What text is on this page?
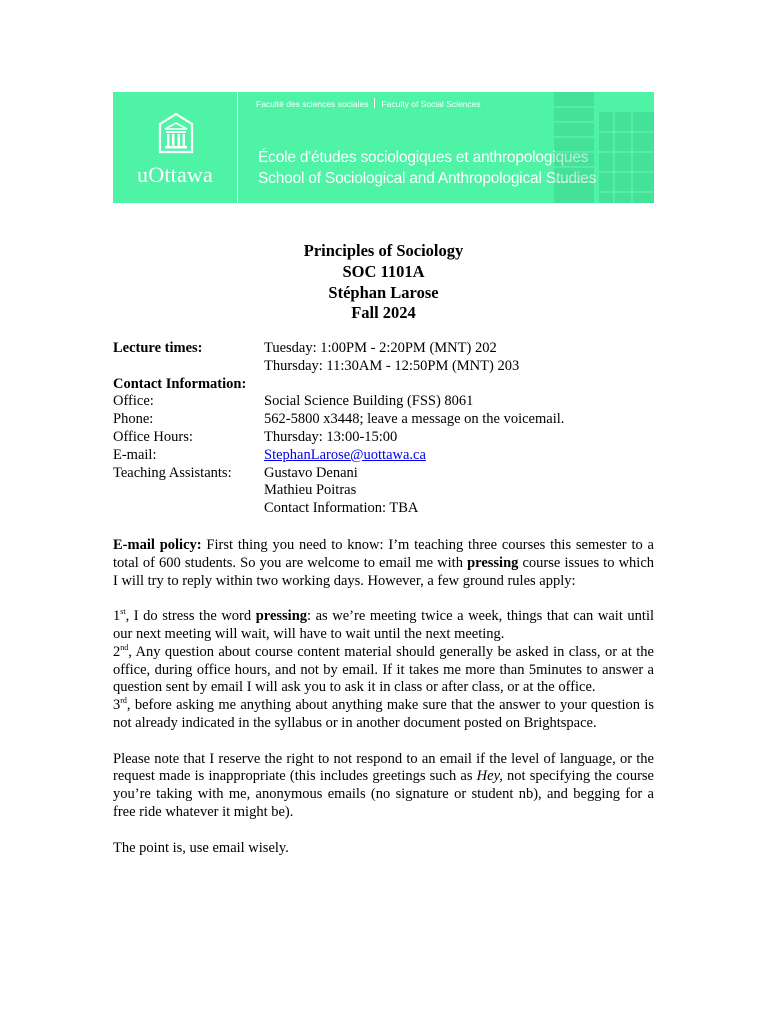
uOttawa
Faculté des sciences sociales Faculty of Social Sciences
École d'études sociologiques et anthropologiques
School of Sociological and Anthropological Studies
Principles of Sociology
SOC 1101A
Stéphan Larose
Fall 2024
Lecture times:	Tuesday: 1:00PM - 2:20PM (MNT) 202
Thursday: 11:30AM - 12:50PM (MNT) 203
Contact Information:
Office:	Social Science Building (FSS) 8061
Phone:	562-5800 x3448; leave a message on the voicemail.
Office Hours:	Thursday: 13:00-15:00
E-mail:	StephanLarose@uottawa.ca
Teaching Assistants:	Gustavo Denani
Mathieu Poitras
Contact Information: TBA

E-mail policy: First thing you need to know: I’m teaching three courses this semester to a total of 600 students. So you are welcome to email me with pressing course issues to which I will try to reply within two working days. However, a few ground rules apply:

1st, I do stress the word pressing: as we’re meeting twice a week, things that can wait until our next meeting will wait, will have to wait until the next meeting.

2nd, Any question about course content material should generally be asked in class, or at the office, during office hours, and not by email. If it takes me more than 5minutes to answer a question sent by email I will ask you to ask it in class or after class, or at the office.

3rd, before asking me anything about anything make sure that the answer to your question is not already indicated in the syllabus or in another document posted on Brightspace.

Please note that I reserve the right to not respond to an email if the level of language, or the request made is inappropriate (this includes greetings such as Hey, not specifying the course you’re taking with me, anonymous emails (no signature or student nb), and begging for a free ride whatever it might be).

The point is, use email wisely.
